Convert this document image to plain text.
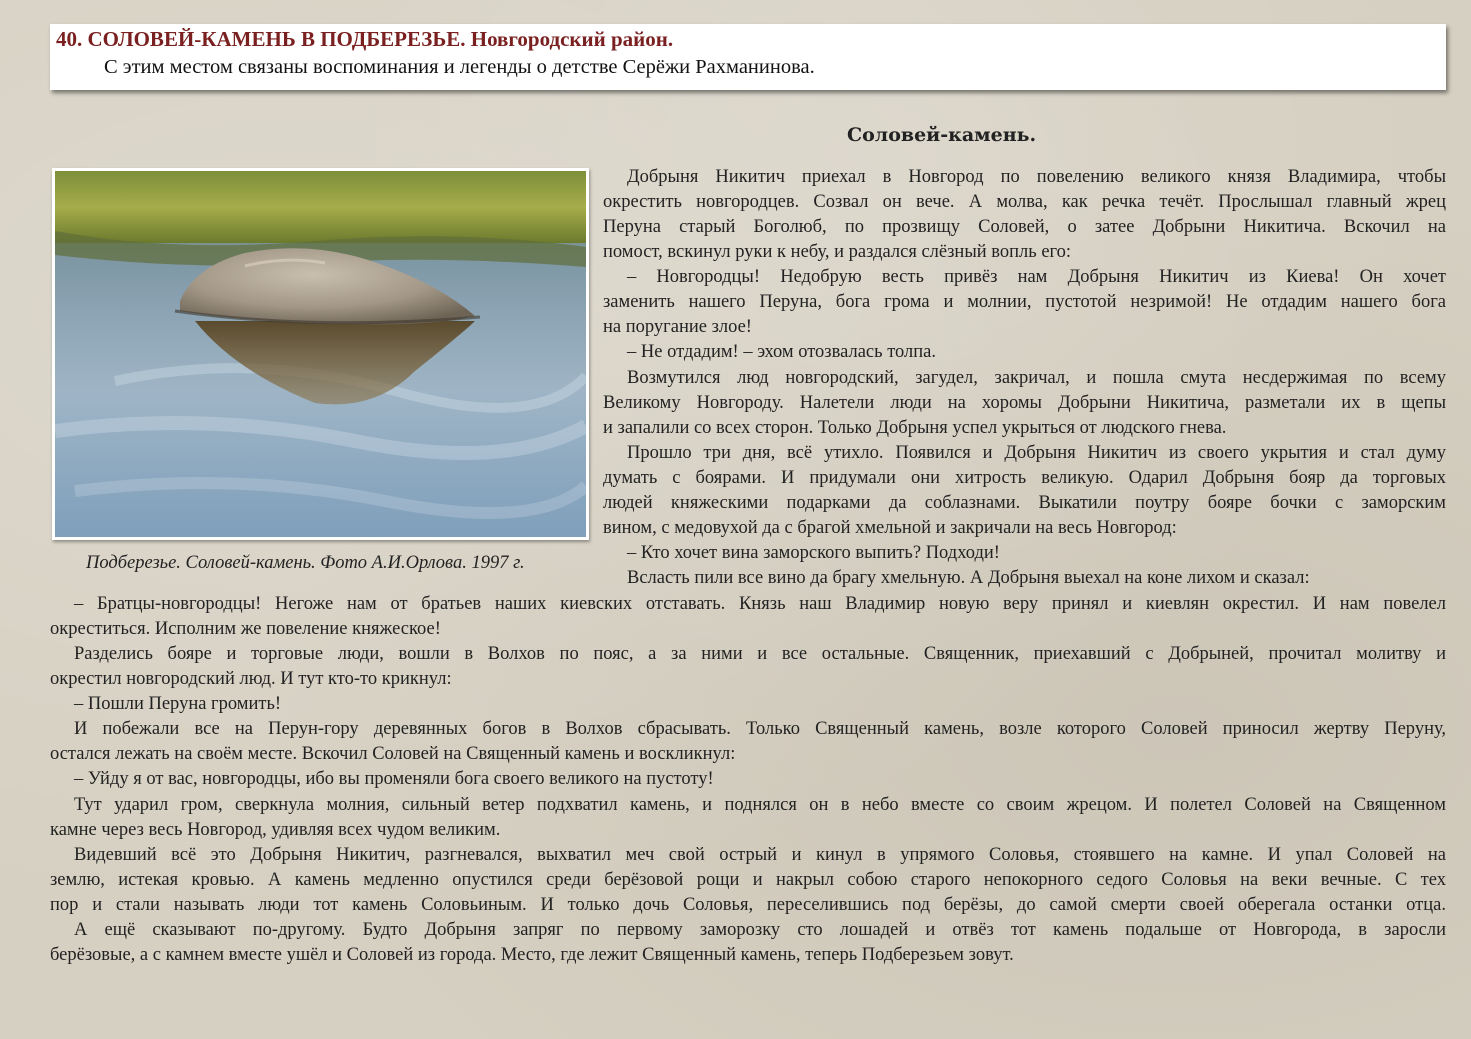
40. СОЛОВЕЙ-КАМЕНЬ В ПОДБЕРЕЗЬЕ. Новгородский район.
С этим местом связаны воспоминания и легенды о детстве Серёжи Рахманинова.
Соловей-камень.
Подберезье. Соловей-камень. Фото А.И.Орлова. 1997 г.
Добрыня Никитич приехал в Новгород по повелению великого князя Владимира, чтобы
окрестить новгородцев. Созвал он вече. А молва, как речка течёт. Прослышал главный жрец
Перуна старый Боголюб, по прозвищу Соловей, о затее Добрыни Никитича. Вскочил на
помост, вскинул руки к небу, и раздался слёзный вопль его:
– Новгородцы! Недобрую весть привёз нам Добрыня Никитич из Киева! Он хочет
заменить нашего Перуна, бога грома и молнии, пустотой незримой! Не отдадим нашего бога
на поругание злое!
– Не отдадим! – эхом отозвалась толпа.
Возмутился люд новгородский, загудел, закричал, и пошла смута несдержимая по всему
Великому Новгороду. Налетели люди на хоромы Добрыни Никитича, разметали их в щепы
и запалили со всех сторон. Только Добрыня успел укрыться от людского гнева.
Прошло три дня, всё утихло. Появился и Добрыня Никитич из своего укрытия и стал думу
думать с боярами. И придумали они хитрость великую. Одарил Добрыня бояр да торговых
людей княжескими подарками да соблазнами. Выкатили поутру бояре бочки с заморским
вином, с медовухой да с брагой хмельной и закричали на весь Новгород:
– Кто хочет вина заморского выпить? Подходи!
Всласть пили все вино да брагу хмельную. А Добрыня выехал на коне лихом и сказал:
– Братцы-новгородцы! Негоже нам от братьев наших киевских отставать. Князь наш Владимир новую веру принял и киевлян окрестил. И нам повелел
окреститься. Исполним же повеление княжеское!
Разделись бояре и торговые люди, вошли в Волхов по пояс, а за ними и все остальные. Священник, приехавший с Добрыней, прочитал молитву и
окрестил новгородский люд. И тут кто-то крикнул:
– Пошли Перуна громить!
И побежали все на Перун-гору деревянных богов в Волхов сбрасывать. Только Священный камень, возле которого Соловей приносил жертву Перуну,
остался лежать на своём месте. Вскочил Соловей на Священный камень и воскликнул:
– Уйду я от вас, новгородцы, ибо вы променяли бога своего великого на пустоту!
Тут ударил гром, сверкнула молния, сильный ветер подхватил камень, и поднялся он в небо вместе со своим жрецом. И полетел Соловей на Священном
камне через весь Новгород, удивляя всех чудом великим.
Видевший всё это Добрыня Никитич, разгневался, выхватил меч свой острый и кинул в упрямого Соловья, стоявшего на камне. И упал Соловей на
землю, истекая кровью. А камень медленно опустился среди берёзовой рощи и накрыл собою старого непокорного седого Соловья на веки вечные. С тех
пор и стали называть люди тот камень Соловьиным. И только дочь Соловья, переселившись под берёзы, до самой смерти своей оберегала останки отца.
А ещё сказывают по-другому. Будто Добрыня запряг по первому заморозку сто лошадей и отвёз тот камень подальше от Новгорода, в заросли
берёзовые, а с камнем вместе ушёл и Соловей из города. Место, где лежит Священный камень, теперь Подберезьем зовут.
